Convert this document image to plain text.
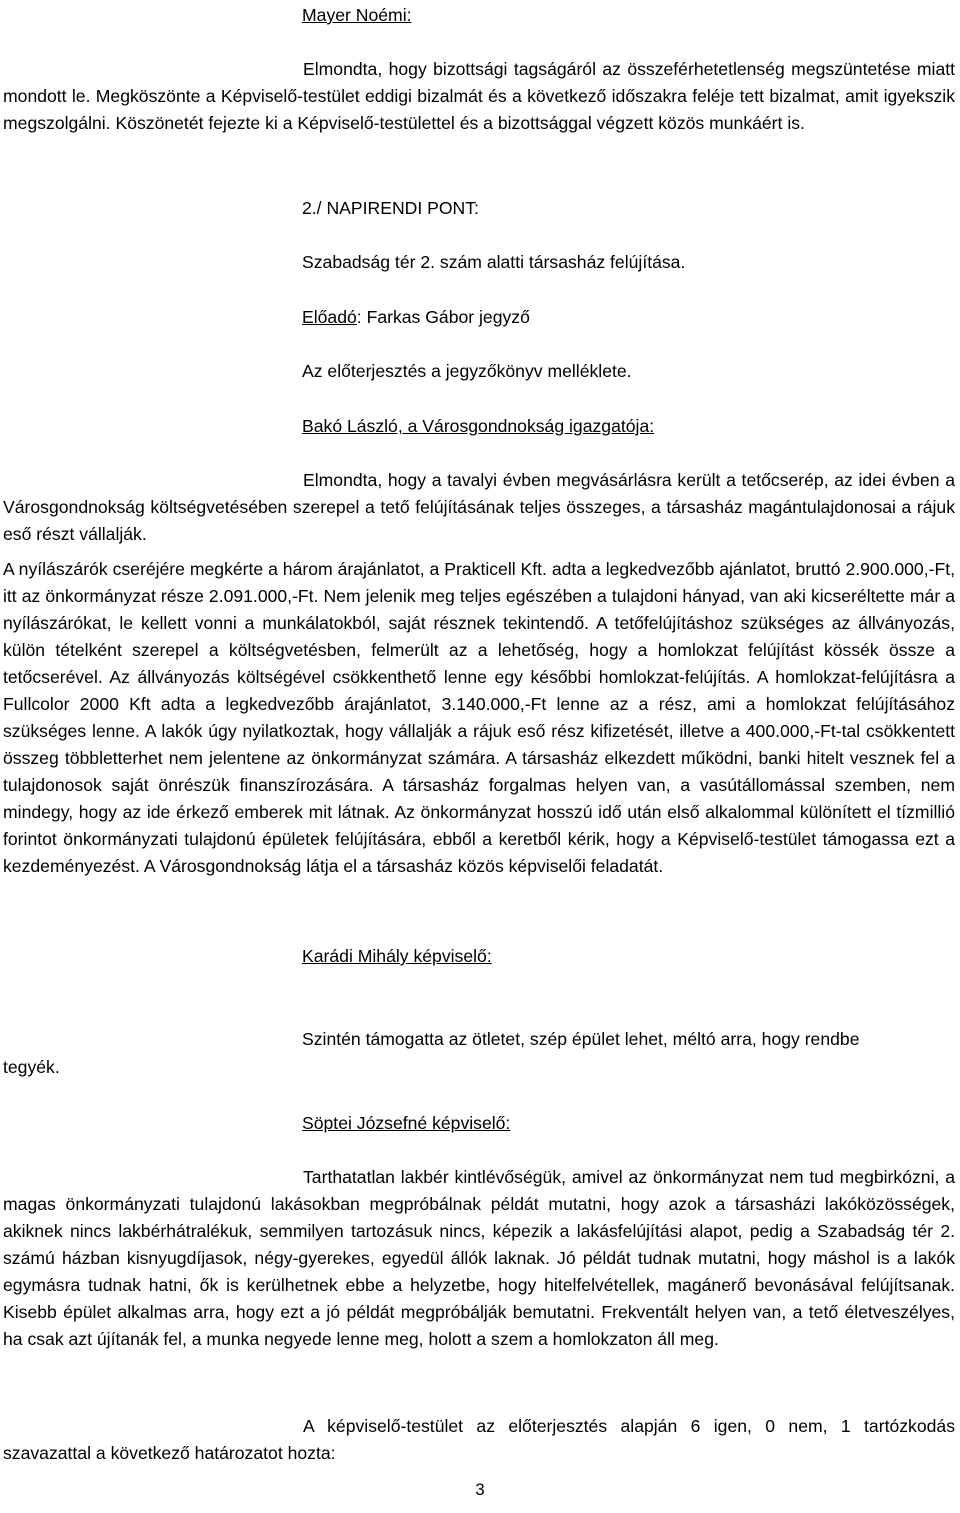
Mayer Noémi:
Elmondta, hogy bizottsági tagságáról az összeférhetetlenség megszüntetése miatt mondott le. Megköszönte a Képviselő-testület eddigi bizalmát és a következő időszakra feléje tett bizalmat, amit igyekszik megszolgálni. Köszönetét fejezte ki a Képviselő-testülettel és a bizottsággal végzett közös munkáért is.
2./ NAPIRENDI PONT:
Szabadság tér 2. szám alatti társasház felújítása.
Előadó: Farkas Gábor jegyző
Az előterjesztés a jegyzőkönyv melléklete.
Bakó László, a Városgondnokság igazgatója:
Elmondta, hogy a tavalyi évben megvásárlásra került a tetőcserép, az idei évben a Városgondnokság költségvetésében szerepel a tető felújításának teljes összeges, a társasház magántulajdonosai a rájuk eső részt vállalják.
A nyílászárók cseréjére megkérte a három árajánlatot, a Prakticell Kft. adta a legkedvezőbb ajánlatot, bruttó 2.900.000,-Ft, itt az önkormányzat része 2.091.000,-Ft. Nem jelenik meg teljes egészében a tulajdoni hányad, van aki kicseréltette már a nyílászárókat, le kellett vonni a munkálatokból, saját résznek tekintendő. A tetőfelújításhoz szükséges az állványozás, külön tételként szerepel a költségvetésben, felmerült az a lehetőség, hogy a homlokzat felújítást kössék össze a tetőcserével. Az állványozás költségével csökkenthető lenne egy későbbi homlokzat-felújítás. A homlokzat-felújításra a Fullcolor 2000 Kft adta a legkedvezőbb árajánlatot, 3.140.000,-Ft lenne az a rész, ami a homlokzat felújításához szükséges lenne. A lakók úgy nyilatkoztak, hogy vállalják a rájuk eső rész kifizetését, illetve a 400.000,-Ft-tal csökkentett összeg többletterhet nem jelentene az önkormányzat számára. A társasház elkezdett működni, banki hitelt vesznek fel a tulajdonosok saját önrészük finanszírozására. A társasház forgalmas helyen van, a vasútállomással szemben, nem mindegy, hogy az ide érkező emberek mit látnak. Az önkormányzat hosszú idő után első alkalommal különített el tízmillió forintot önkormányzati tulajdonú épületek felújítására, ebből a keretből kérik, hogy a Képviselő-testület támogassa ezt a kezdeményezést. A Városgondnokság látja el a társasház közös képviselői feladatát.
Karádi Mihály képviselő:
Szintén támogatta az ötletet, szép épület lehet, méltó arra, hogy rendbe
tegyék.
Söptei Józsefné képviselő:
Tarthatatlan lakbér kintlévőségük, amivel az önkormányzat nem tud megbirkózni, a magas önkormányzati tulajdonú lakásokban megpróbálnak példát mutatni, hogy azok a társasházi lakóközösségek, akiknek nincs lakbérhátralékuk, semmilyen tartozásuk nincs, képezik a lakásfelújítási alapot, pedig a Szabadság tér 2. számú házban kisnyugdíjasok, négy-gyerekes, egyedül állók laknak. Jó példát tudnak mutatni, hogy máshol is a lakók egymásra tudnak hatni, ők is kerülhetnek ebbe a helyzetbe, hogy hitelfelvétellek, magánerő bevonásával felújítsanak. Kisebb épület alkalmas arra, hogy ezt a jó példát megpróbálják bemutatni. Frekventált helyen van, a tető életveszélyes, ha csak azt újítanák fel, a munka negyede lenne meg, holott a szem a homlokzaton áll meg.
A képviselő-testület az előterjesztés alapján 6 igen, 0 nem, 1 tartózkodás szavazattal a következő határozatot hozta:
3
